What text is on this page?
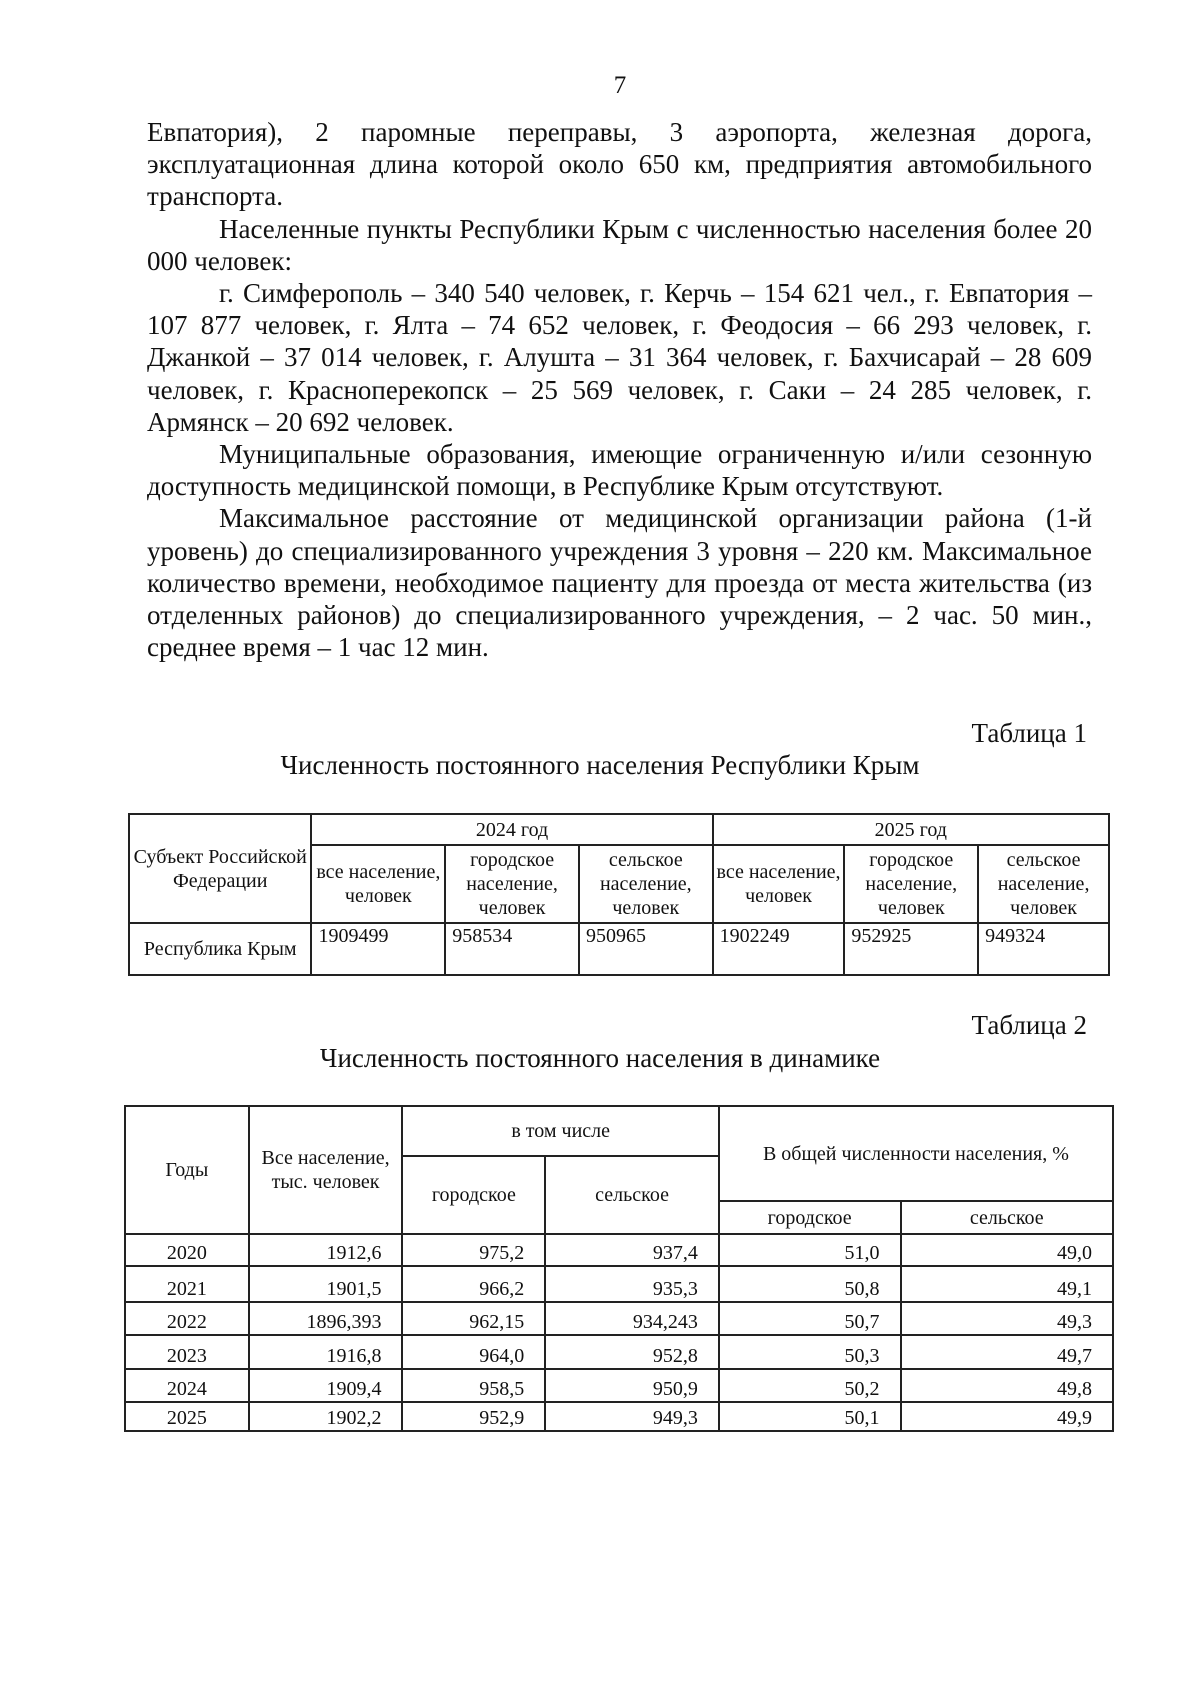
7

Евпатория), 2 паромные переправы, 3 аэропорта, железная дорога, эксплуатационная длина которой около 650 км, предприятия автомобильного транспорта.

Населенные пункты Республики Крым с численностью населения более 20 000 человек:

г. Симферополь – 340 540 человек, г. Керчь – 154 621 чел., г. Евпатория – 107 877 человек, г. Ялта – 74 652 человек, г. Феодосия – 66 293 человек, г. Джанкой – 37 014 человек, г. Алушта – 31 364 человек, г. Бахчисарай – 28 609 человек, г. Красноперекопск – 25 569 человек, г. Саки – 24 285 человек, г. Армянск – 20 692 человек.

Муниципальные образования, имеющие ограниченную и/или сезонную доступность медицинской помощи, в Республике Крым отсутствуют.

Максимальное расстояние от медицинской организации района (1-й уровень) до специализированного учреждения 3 уровня – 220 км. Максимальное количество времени, необходимое пациенту для проезда от места жительства (из отделенных районов) до специализированного учреждения, – 2 час. 50 мин., среднее время – 1 час 12 мин.

Таблица 1
Численность постоянного населения Республики Крым
Субъект Российской Федерации	2024 год			2025 год		
	все население, человек	городское население, человек	сельское население, человек	все население, человек	городское население, человек	сельское население, человек
Республика Крым	1909499	958534	950965	1902249	952925	949324
Таблица 2
Численность постоянного населения в динамике
Годы	Все население, тыс. человек	в том числе		В общей численности населения, %	
		городское	сельское		
				городское	сельское
2020	1912,6	975,2	937,4	51,0	49,0
2021	1901,5	966,2	935,3	50,8	49,1
2022	1896,393	962,15	934,243	50,7	49,3
2023	1916,8	964,0	952,8	50,3	49,7
2024	1909,4	958,5	950,9	50,2	49,8
2025	1902,2	952,9	949,3	50,1	49,9
